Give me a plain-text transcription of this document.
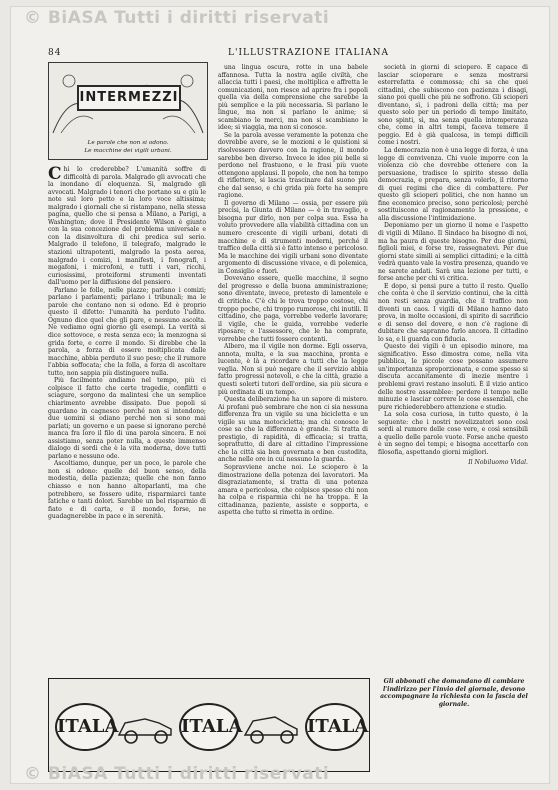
© BiASA Tutti i diritti riservati
84	L'ILLUSTRAZIONE ITALIANA
INTERMEZZI
Le parole che non si odono.
Le macchine dei vigili urbani.

Chi lo crederebbe? L'umanità soffre di difficoltà di parola. Malgrado gli avvocati che la inondano di eloquenza. Si, malgrado gli avvocati. Malgrado i tenori che portano su e giù le note sul loro petto e la loro voce altissima; malgrado i giornali che si ristampano, nella stessa pagina, quello che si pensa a Milano, a Parigi, a Washington; dove il Presidente Wilson è giunto con la sua concezione del problema universale e con la disinvoltura di chi predica sul serio. Malgrado il telefono, il telegrafo, malgrado le stazioni ultrapotenti, malgrado la posta aerea, malgrado i comizi, i manifesti, i fonografi, i megafoni, i microfoni, e tutti i vari, ricchi, curiosissimi, proteiformi strumenti inventati dall'uomo per la diffusione del pensiero.

Parlano le folle, nelle piazze; parlano i comizi; parlano i parlamenti; parlano i tribunali; ma le parole che contano non si odono. Ed è proprio questo il difetto: l'umanità ha perduto l'udito. Ognuno dice quel che gli pare, e nessuno ascolta. Ne vediamo ogni giorno gli esempi. La verità si dice sottovoce, e resta senza eco; la menzogna si grida forte, e corre il mondo. Si direbbe che la parola, a forza di essere moltiplicata dalle macchine, abbia perduto il suo peso; che il rumore l'abbia soffocata; che la folla, a forza di ascoltare tutto, non sappia più distinguere nulla.

Più facilmente andiamo nel tempo, più ci colpisce il fatto che certe tragedie, conflitti e sciagure, sorgono da malintesi che un semplice chiarimento avrebbe dissipato. Due popoli si guardano in cagnesco perché non si intendono; due uomini si odiano perché non si sono mai parlati; un governo e un paese si ignorano perché manca fra loro il filo di una parola sincera. E noi assistiamo, senza poter nulla, a questo immenso dialogo di sordi che è la vita moderna, dove tutti parlano e nessuno ode.

Ascoltiamo, dunque, per un poco, le parole che non si odono: quelle del buon senso, della modestia, della pazienza; quelle che non fanno chiasso e non hanno altoparlanti, ma che potrebbero, se fossero udite, risparmiarci tante fatiche e tanti dolori. Sarebbe un bel risparmio di fiato e di carta, e il mondo, forse, ne guadagnerebbe in pace e in serenità.

una lingua oscura, rotte in una babele affannosa. Tutta la nostra agile civiltà, che allaccia tutti i paesi, che moltiplica e affretta le comunicazioni, non riesce ad aprire fra i popoli quella via della comprensione che sarebbe la più semplice e la più necessaria. Si parlano le lingue, ma non si parlano le anime; si scambiano le merci, ma non si scambiano le idee; si viaggia, ma non si conosce.

Se la parola avesse veramente la potenza che dovrebbe avere, se le mozioni e le quistioni si risolvessero davvero con la ragione, il mondo sarebbe ben diverso. Invece le idee più belle si perdono nel frastuono, e le frasi più vuote ottengono applausi. Il popolo, che non ha tempo di riflettere, si lascia trascinare dal suono più che dal senso, e chi grida più forte ha sempre ragione.

Il governo di Milano — ossia, per essere più precisi, la Giunta di Milano — è in travaglio, e bisogna pur dirlo, non per colpa sua. Essa ha voluto provvedere alla viabilità cittadina con un numero crescente di vigili urbani, dotati di macchine e di strumenti moderni, perché il traffico della città si è fatto intenso e pericoloso. Ma le macchine dei vigili urbani sono diventate argomento di discussione vivace, e di polemica, in Consiglio e fuori.

Dovevano essere, quelle macchine, il segno del progresso e della buona amministrazione; sono diventate, invece, pretesto di lamentele e di critiche. C'è chi le trova troppo costose, chi troppo poche, chi troppo rumorose, chi inutili. Il cittadino, che paga, vorrebbe vederle lavorare; il vigile, che le guida, vorrebbe vederle riposare; e l'assessore, che le ha comprate, vorrebbe che tutti fossero contenti.

Albero, ma il vigile non dorme. Egli osserva, annota, multa, e la sua macchina, pronta e lucente, è là a ricordare a tutti che la legge veglia. Non si può negare che il servizio abbia fatto progressi notevoli, e che la città, grazie a questi solerti tutori dell'ordine, sia più sicura e più ordinata di un tempo.

Questa deliberazione ha un sapore di mistero. Ai profani può sembrare che non ci sia nessuna differenza fra un vigile su una bicicletta e un vigile su una motocicletta; ma chi conosce le cose sa che la differenza è grande. Si tratta di prestigio, di rapidità, di efficacia; si tratta, soprattutto, di dare al cittadino l'impressione che la città sia ben governata e ben custodita, anche nelle ore in cui nessuno la guarda.

Sopravviene anche noi. Le sciopero è la dimostrazione della potenza dei lavoratori. Ma disgraziatamente, si tratta di una potenza amara e pericolosa, che colpisce spesso chi non ha colpa e risparmia chi ne ha troppa. E la cittadinanza, paziente, assiste e sopporta, e aspetta che tutto si rimetta in ordine.

società in giorni di sciopero. E capace di lasciar scioperare e senza mostrarsi esterrefatta e commossa; chi sa che quei cittadini, che subiscono con pazienza i disagi, siano poi quelli che più ne soffrono. Gli scioperi diventano, sì, i padroni della città; ma per questo solo per un periodo di tempo limitato, sono spinti, sì, ma senza quella intemperanza che, come in altri tempi, faceva temere il peggio. Ed è già qualcosa, in tempi difficili come i nostri.

La democrazia non è una legge di forza, è una legge di convivenza. Chi vuole imporre con la violenza ciò che dovrebbe ottenere con la persuasione, tradisce lo spirito stesso della democrazia, e prepara, senza volerlo, il ritorno di quei regimi che dice di combattere. Per questo gli scioperi politici, che non hanno un fine economico preciso, sono pericolosi; perché sostituiscono al ragionamento la pressione, e alla discussione l'intimidazione.

Deponiamo per un giorno il nome e l'aspetto di vigili di Milano. Il Sindaco ha bisogno di noi, ma ha paura di queste bisogno. Per due giorni, figlioli miei, e forse tre, rassegnatevi. Per due giorni state simili ai semplici cittadini; e la città vedrà quanto vale la vostra presenza, quando ve ne sarete andati. Sarà una lezione per tutti, e forse anche per chi vi critica.

E dopo, si pensi pure a tutto il resto. Quello che conta è che il servizio continui, che la città non resti senza guardia, che il traffico non diventi un caos. I vigili di Milano hanno dato prova, in molte occasioni, di spirito di sacrificio e di senso del dovere, e non c'è ragione di dubitare che sapranno farlo ancora. Il cittadino lo sa, e li guarda con fiducia.

Questo dei vigili è un episodio minore, ma significativo. Esso dimostra come, nella vita pubblica, le piccole cose possano assumere un'importanza sproporzionata, e come spesso si discuta accanitamente di inezie mentre i problemi gravi restano insoluti. È il vizio antico delle nostre assemblee: perdere il tempo nelle minuzie e lasciar correre le cose essenziali, che pure richiederebbero attenzione e studio.

La sola cosa curiosa, in tutto questo, è la seguente: che i nostri novelizzatori sono così sordi al rumore delle cose vere, e così sensibili a quello delle parole vuote. Forse anche questo è un segno dei tempi; e bisogna accettarlo con filosofia, aspettando giorni migliori.

Il Nobiluomo Vidal.
ITALA	ITALA	ITALA
Gli abbonati che domandano di cambiare l'indirizzo per l'invio del giornale, devono accompagnare la richiesta con la fascia del giornale.
© BiASA Tutti i diritti riservati
